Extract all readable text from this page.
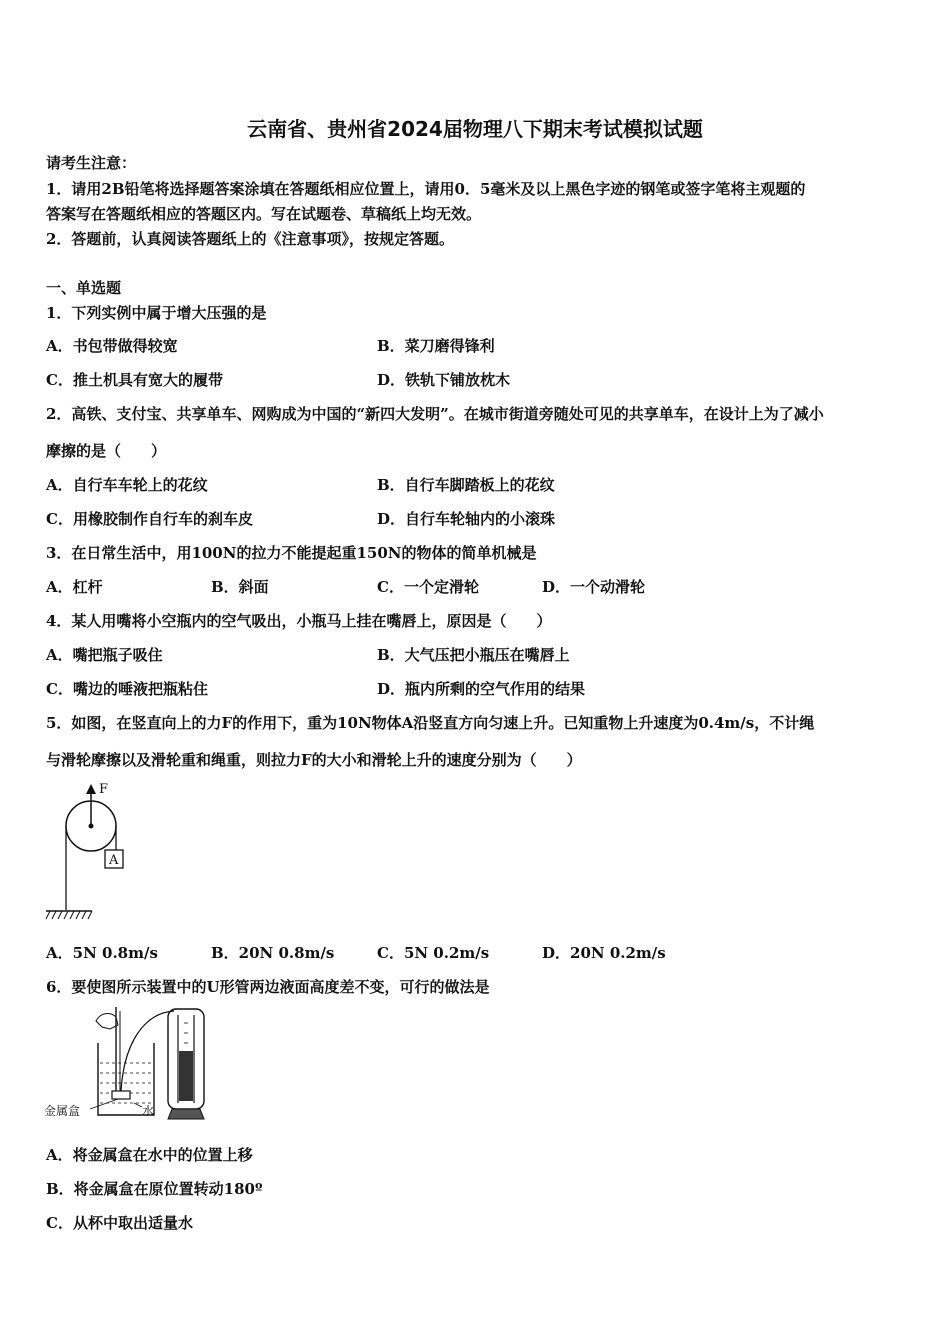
云南省、贵州省2024届物理八下期末考试模拟试题
请考生注意：
1．请用2B铅笔将选择题答案涂填在答题纸相应位置上，请用0．5毫米及以上黑色字迹的钢笔或签字笔将主观题的
答案写在答题纸相应的答题区内。写在试题卷、草稿纸上均无效。
2．答题前，认真阅读答题纸上的《注意事项》，按规定答题。
一、单选题
1．下列实例中属于增大压强的是
A．书包带做得较宽	B．菜刀磨得锋利
C．推土机具有宽大的履带	D．铁轨下铺放枕木
2．高铁、支付宝、共享单车、网购成为中国的“新四大发明”。在城市街道旁随处可见的共享单车，在设计上为了减小
摩擦的是（　　）
A．自行车车轮上的花纹	B．自行车脚踏板上的花纹
C．用橡胶制作自行车的刹车皮	D．自行车轮轴内的小滚珠
3．在日常生活中，用100N的拉力不能提起重150N的物体的简单机械是
A．杠杆	B．斜面	C．一个定滑轮	D．一个动滑轮
4．某人用嘴将小空瓶内的空气吸出，小瓶马上挂在嘴唇上，原因是（　　）
A．嘴把瓶子吸住	B．大气压把小瓶压在嘴唇上
C．嘴边的唾液把瓶粘住	D．瓶内所剩的空气作用的结果
5．如图，在竖直向上的力F的作用下，重为10N物体A沿竖直方向匀速上升。已知重物上升速度为0.4m/s，不计绳
与滑轮摩擦以及滑轮重和绳重，则拉力F的大小和滑轮上升的速度分别为（　　）
F
A
A．5N 0.8m/s	B．20N 0.8m/s	C．5N 0.2m/s	D．20N 0.2m/s
6．要使图所示装置中的U形管两边液面高度差不变，可行的做法是
金属盒	水
A．将金属盒在水中的位置上移
B．将金属盒在原位置转动180º
C．从杯中取出适量水
